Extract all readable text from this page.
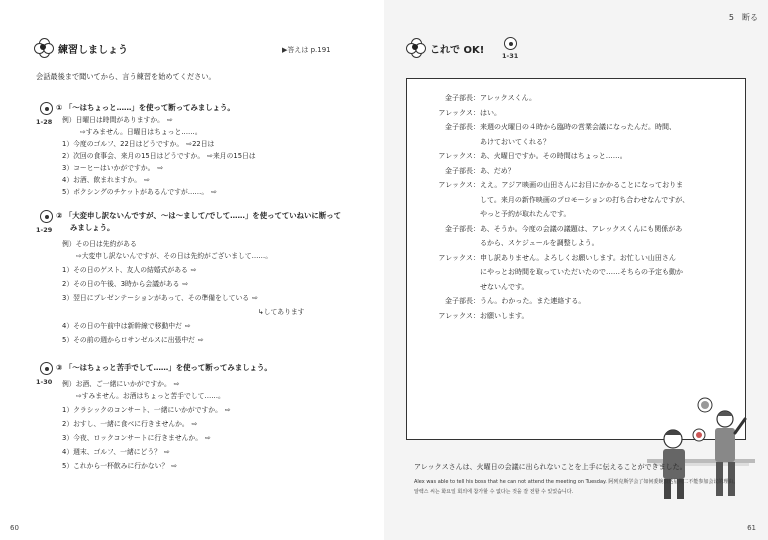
練習しましょう	▶答えは p.191
会話最後まで聞いてから、言う練習を始めてください。
1-28
① 「〜はちょっと……」を使って断ってみましょう。
例）日曜日は時間がありますか。 ⇨
⇨すみません。日曜日はちょっと……。
1）今度のゴルフ、22日はどうですか。 ⇨22日は
2）次回の食事会、来月の15日はどうですか。 ⇨来月の15日は
3）コーヒーはいかがですか。 ⇨
4）お酒、飲まれますか。 ⇨
5）ボクシングのチケットがあるんですが……。 ⇨
1-29
② 「大変申し訳ないんですが、〜は〜まして/でして……」を使ってていねいに断って
みましょう。
例）その日は先約がある
⇨大変申し訳ないんですが、その日は先約がございまして……。
1）その日のゲスト、友人の結婚式がある ⇨
2）その日の午後、3時から会議がある ⇨
3）翌日にプレゼンテーションがあって、その準備をしている ⇨
↳してあります
4）その日の午前中は新幹線で移動中だ ⇨
5）その前の週からロサンゼルスに出張中だ ⇨
1-30
③ 「〜はちょっと苦手でして……」を使って断ってみましょう。
例）お酒、ご一緒にいかがですか。 ⇨
⇨すみません。お酒はちょっと苦手でして……。
1）クラシックのコンサート、一緒にいかがですか。 ⇨
2）おすし、一緒に食べに行きませんか。 ⇨
3）今夜、ロックコンサートに行きませんか。 ⇨
4）週末、ゴルフ、一緒にどう？ ⇨
5）これから一杯飲みに行かない？ ⇨
60
5　断る
これで OK!	1-31
金子部長：アレックスくん。
アレックス：はい。
金子部長：来週の火曜日の４時から臨時の営業会議になったんだ。時間、
　あけておいてくれる？
アレックス：あ、火曜日ですか。その時間はちょっと……。
金子部長：あ、だめ？
アレックス：ええ。アジア映画の山田さんにお目にかかることになっておりま
　して。来月の新作映画のプロモーションの打ち合わせなんですが、
　やっと予約が取れたんです。
金子部長：あ、そうか。今度の会議の議題は、アレックスくんにも関係があ
　るから、スケジュールを調整しよう。
アレックス：申し訳ありません。よろしくお願いします。お忙しい山田さん
　にやっとお時間を取っていただいたので……そちらの予定も動か
　せないんです。
金子部長：うん。わかった。また連絡する。
アレックス：お願いします。
アレックスさんは、火曜日の会議に出られないことを上手に伝えることができました。
Alex was able to tell his boss that he can not attend the meeting on Tuesday. 阿列克斯学会了如何委婉表达星期二不能参加会议的理由。
알렉스 씨는 화요일 회의에 참가할 수 없다는 것을 잘 전할 수 있었습니다.
61
